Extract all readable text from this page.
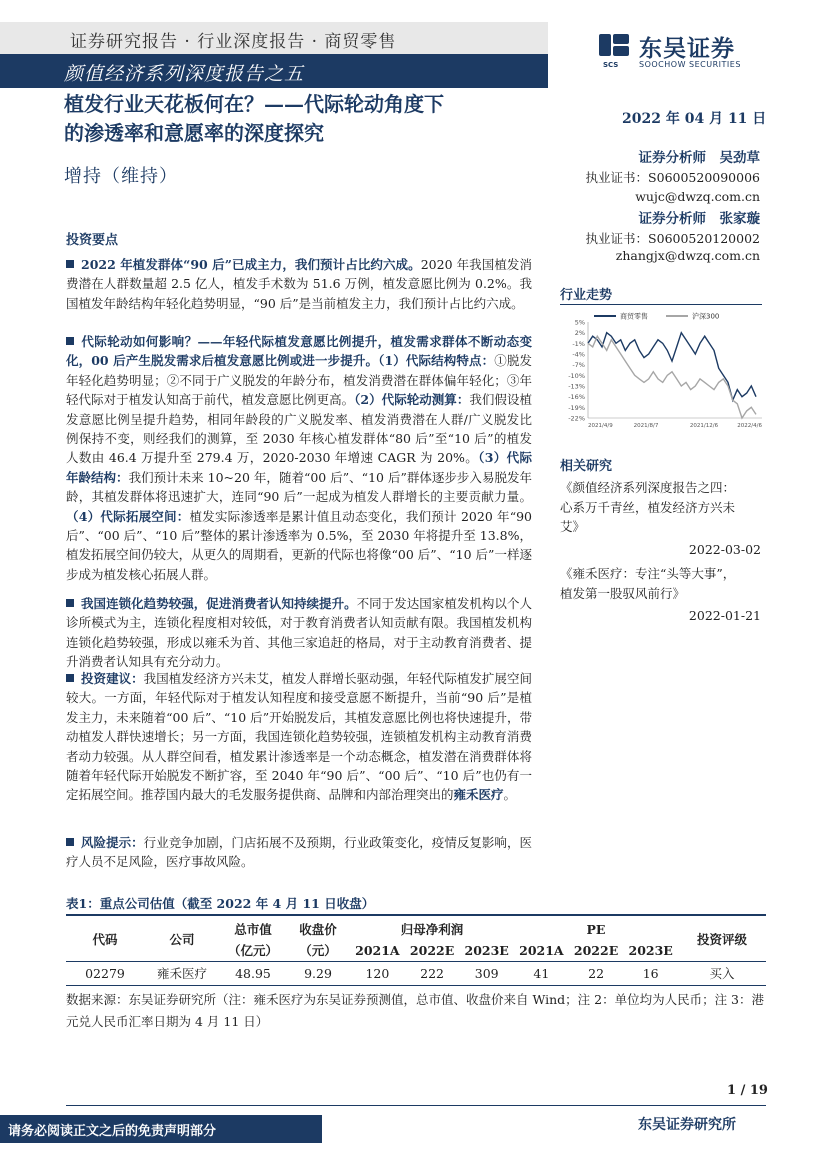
证券研究报告 · 行业深度报告 · 商贸零售
颜值经济系列深度报告之五
东吴证券
SCS	SOOCHOW SECURITIES
植发行业天花板何在？——代际轮动角度下
的渗透率和意愿率的深度探究
增持（维持）
2022 年 04 月 11 日
证券分析师　吴劲草
执业证书：S0600520090006
wujc@dwzq.com.cn
证券分析师　张家璇
执业证书：S0600520120002
zhangjx@dwzq.com.cn
投资要点
2022 年植发群体“90 后”已成主力，我们预计占比约六成。2020 年我国植发消费潜在人群数量超 2.5 亿人，植发手术数为 51.6 万例，植发意愿比例为 0.2%。我国植发年龄结构年轻化趋势明显，“90 后”是当前植发主力，我们预计占比约六成。
代际轮动如何影响？——年轻代际植发意愿比例提升，植发需求群体不断动态变化，00 后产生脱发需求后植发意愿比例或进一步提升。（1）代际结构特点：①脱发年轻化趋势明显；②不同于广义脱发的年龄分布，植发消费潜在群体偏年轻化；③年轻代际对于植发认知高于前代，植发意愿比例更高。（2）代际轮动测算：我们假设植发意愿比例呈提升趋势，相同年龄段的广义脱发率、植发消费潜在人群/广义脱发比例保持不变，则经我们的测算，至 2030 年核心植发群体“80 后”至“10 后”的植发人数由 46.4 万提升至 279.4 万，2020-2030 年增速 CAGR 为 20%。（3）代际年龄结构：我们预计未来 10~20 年，随着“00 后”、“10 后”群体逐步步入易脱发年龄，其植发群体将迅速扩大，连同“90 后”一起成为植发人群增长的主要贡献力量。（4）代际拓展空间：植发实际渗透率是累计值且动态变化，我们预计 2020 年“90 后”、“00 后”、“10 后”整体的累计渗透率为 0.5%，至 2030 年将提升至 13.8%，植发拓展空间仍较大，从更久的周期看，更新的代际也将像“00 后”、“10 后”一样逐步成为植发核心拓展人群。
我国连锁化趋势较强，促进消费者认知持续提升。不同于发达国家植发机构以个人诊所模式为主，连锁化程度相对较低，对于教育消费者认知贡献有限。我国植发机构连锁化趋势较强，形成以雍禾为首、其他三家追赶的格局，对于主动教育消费者、提升消费者认知具有充分动力。
投资建议：我国植发经济方兴未艾，植发人群增长驱动强，年轻代际植发扩展空间较大。一方面，年轻代际对于植发认知程度和接受意愿不断提升，当前“90 后”是植发主力，未来随着“00 后”、“10 后”开始脱发后，其植发意愿比例也将快速提升，带动植发人群快速增长；另一方面，我国连锁化趋势较强，连锁植发机构主动教育消费者动力较强。从人群空间看，植发累计渗透率是一个动态概念，植发潜在消费群体将随着年轻代际开始脱发不断扩容，至 2040 年“90 后”、“00 后”、“10 后”也仍有一定拓展空间。推荐国内最大的毛发服务提供商、品牌和内部治理突出的雍禾医疗。
风险提示：行业竞争加剧，门店拓展不及预期，行业政策变化，疫情反复影响，医疗人员不足风险，医疗事故风险。
行业走势
5%
2%
-1%
-4%
-7%
-10%
-13%
-16%
-19%
-22%
2021/4/9	2021/8/7	2021/12/6	2022/4/6
商贸零售	沪深300
相关研究
《颜值经济系列深度报告之四：
心系万千青丝，植发经济方兴未
艾》
2022-03-02
《雍禾医疗：专注“头等大事”，
植发第一股驭风前行》
2022-01-21
表1：重点公司估值（截至 2022 年 4 月 11 日收盘）
代码	公司	总市值	收盘价	归母净利润			PE			投资评级
		（亿元）	（元）	2021A	2022E	2023E	2021A	2022E	2023E	
02279	雍禾医疗	48.95	9.29	120	222	309	41	22	16	买入
数据来源：东吴证券研究所（注：雍禾医疗为东吴证券预测值，总市值、收盘价来自 Wind；注 2：单位均为人民币；注 3：港元兑人民币汇率日期为 4 月 11 日）
1 / 19
请务必阅读正文之后的免责声明部分	东吴证券研究所
